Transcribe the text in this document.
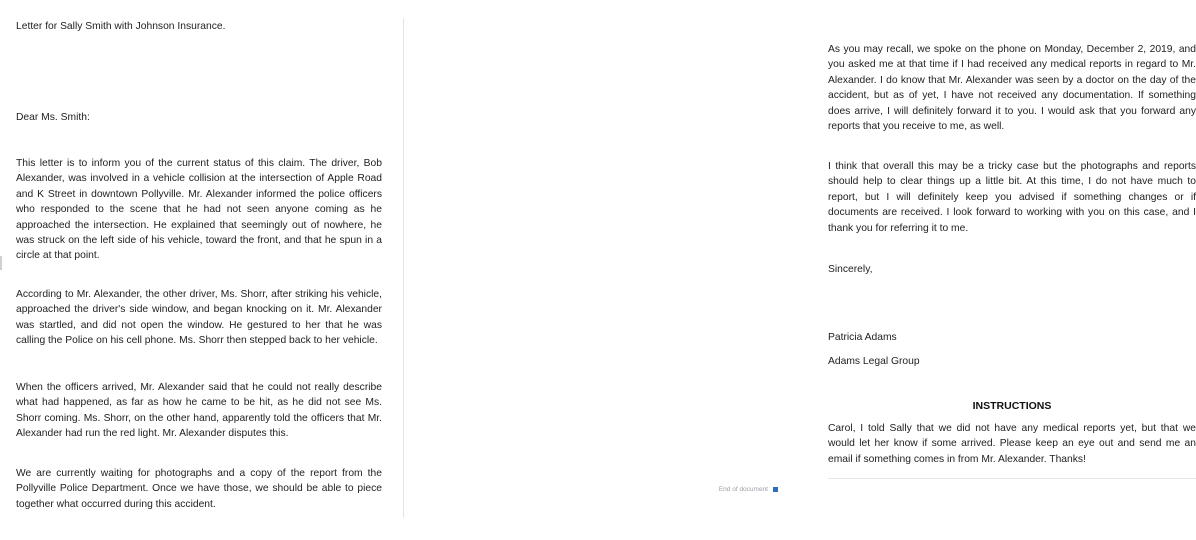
Letter for Sally Smith with Johnson Insurance.

Dear Ms. Smith:

This letter is to inform you of the current status of this claim. The driver, Bob Alexander, was involved in a vehicle collision at the intersection of Apple Road and K Street in downtown Pollyville. Mr. Alexander informed the police officers who responded to the scene that he had not seen anyone coming as he approached the intersection. He explained that seemingly out of nowhere, he was struck on the left side of his vehicle, toward the front, and that he spun in a circle at that point.

According to Mr. Alexander, the other driver, Ms. Shorr, after striking his vehicle, approached the driver's side window, and began knocking on it. Mr. Alexander was startled, and did not open the window. He gestured to her that he was calling the Police on his cell phone. Ms. Shorr then stepped back to her vehicle.

When the officers arrived, Mr. Alexander said that he could not really describe what had happened, as far as how he came to be hit, as he did not see Ms. Shorr coming. Ms. Shorr, on the other hand, apparently told the officers that Mr. Alexander had run the red light. Mr. Alexander disputes this.

We are currently waiting for photographs and a copy of the report from the Pollyville Police Department. Once we have those, we should be able to piece together what occurred during this accident.

As you may recall, we spoke on the phone on Monday, December 2, 2019, and you asked me at that time if I had received any medical reports in regard to Mr. Alexander. I do know that Mr. Alexander was seen by a doctor on the day of the accident, but as of yet, I have not received any documentation. If something does arrive, I will definitely forward it to you. I would ask that you forward any reports that you receive to me, as well.

I think that overall this may be a tricky case but the photographs and reports should help to clear things up a little bit. At this time, I do not have much to report, but I will definitely keep you advised if something changes or if documents are received. I look forward to working with you on this case, and I thank you for referring it to me.

Sincerely,

Patricia Adams

Adams Legal Group

INSTRUCTIONS

Carol, I told Sally that we did not have any medical reports yet, but that we would let her know if some arrived. Please keep an eye out and send me an email if something comes in from Mr. Alexander. Thanks!

End of document
